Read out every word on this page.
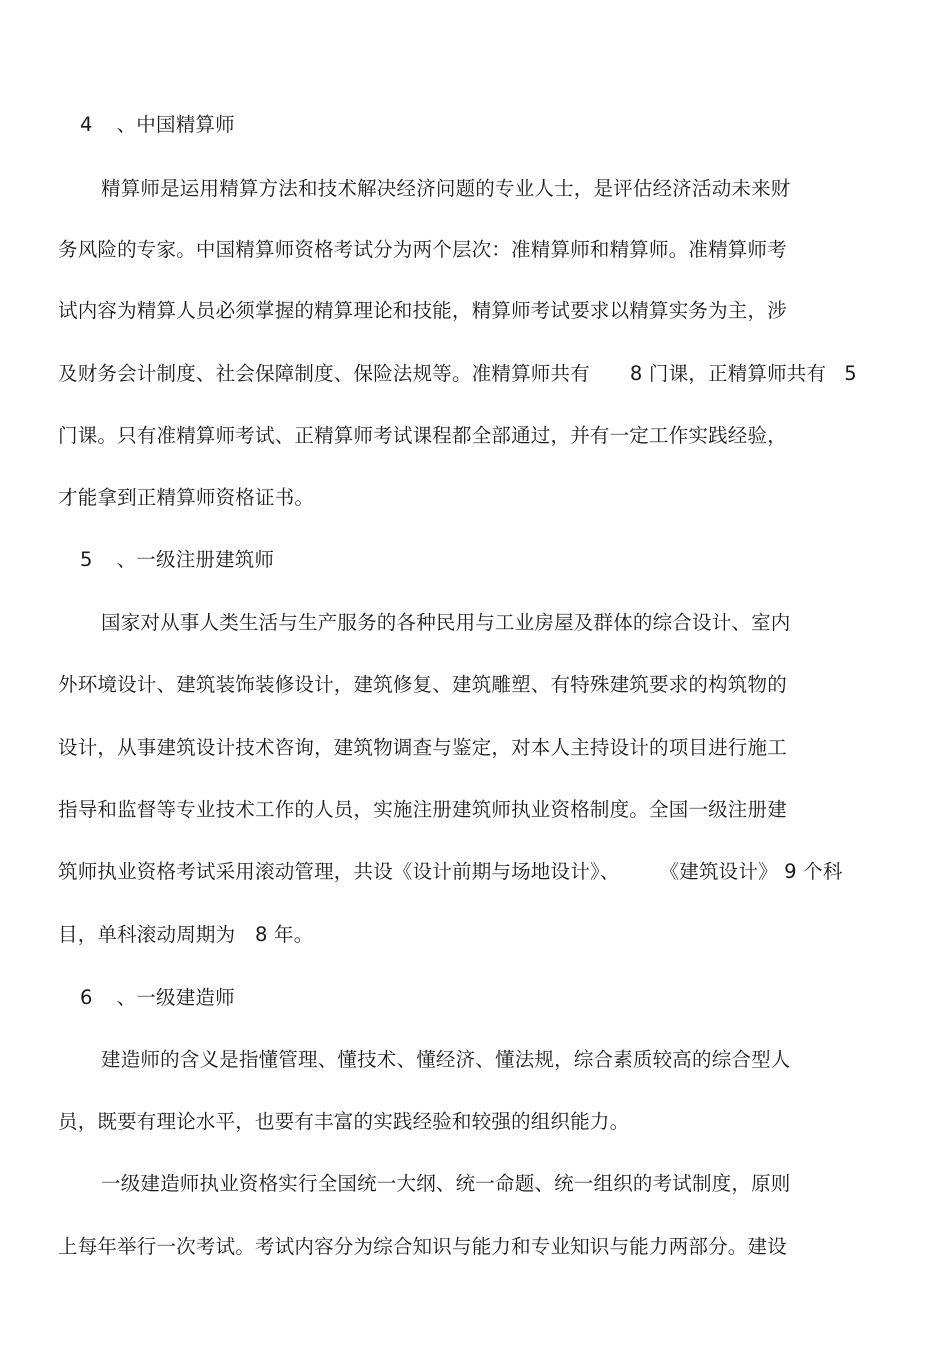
4 、中国精算师
精算师是运用精算方法和技术解决经济问题的专业人士，是评估经济活动未来财
务风险的专家。中国精算师资格考试分为两个层次：准精算师和精算师。准精算师考
试内容为精算人员必须掌握的精算理论和技能，精算师考试要求以精算实务为主，涉
及财务会计制度、社会保障制度、保险法规等。准精算师共有 8 门课，正精算师共有 5
门课。只有准精算师考试、正精算师考试课程都全部通过，并有一定工作实践经验，
才能拿到正精算师资格证书。
5 、一级注册建筑师
国家对从事人类生活与生产服务的各种民用与工业房屋及群体的综合设计、室内
外环境设计、建筑装饰装修设计，建筑修复、建筑雕塑、有特殊建筑要求的构筑物的
设计，从事建筑设计技术咨询，建筑物调查与鉴定，对本人主持设计的项目进行施工
指导和监督等专业技术工作的人员，实施注册建筑师执业资格制度。全国一级注册建
筑师执业资格考试采用滚动管理，共设《设计前期与场地设计》、 《建筑设计》 9 个科
目，单科滚动周期为　8 年。
6 、一级建造师
建造师的含义是指懂管理、懂技术、懂经济、懂法规，综合素质较高的综合型人
员，既要有理论水平，也要有丰富的实践经验和较强的组织能力。
一级建造师执业资格实行全国统一大纲、统一命题、统一组织的考试制度，原则
上每年举行一次考试。考试内容分为综合知识与能力和专业知识与能力两部分。建设
